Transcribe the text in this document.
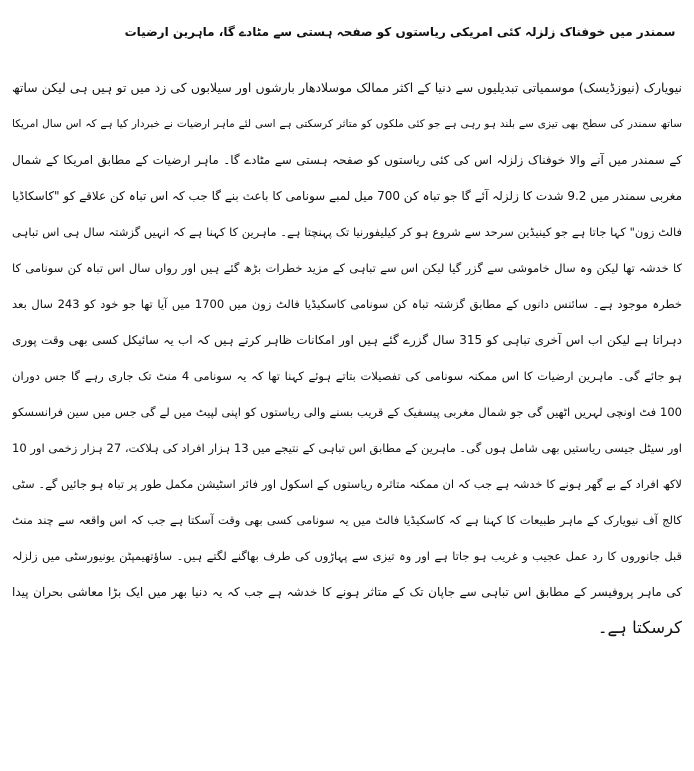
سمندر میں خوفناک زلزلہ کئی امریکی ریاستوں کو صفحہ ہستی سے مٹادے گا، ماہرین ارضیات
نیویارک (نیوزڈیسک) موسمیاتی تبدیلیوں سے دنیا کے اکثر ممالک موسلادھار بارشوں اور سیلابوں کی زد میں تو ہیں ہی لیکن ساتھ
ساتھ سمندر کی سطح بھی تیزی سے بلند ہو رہی ہے جو کئی ملکوں کو متاثر کرسکتی ہے اسی لئے ماہر ارضیات نے خبردار کیا ہے کہ اس سال امریکا
کے سمندر میں آنے والا خوفناک زلزلہ اس کی کئی ریاستوں کو صفحہ ہستی سے مٹادے گا۔ ماہر ارضیات کے مطابق امریکا کے شمال
مغربی سمندر میں 9.2 شدت کا زلزلہ آئے گا جو تباہ کن 700 میل لمبے سونامی کا باعث بنے گا جب کہ اس تباہ کن علاقے کو "کاسکاڈیا
فالٹ زون" کہا جاتا ہے جو کینیڈین سرحد سے شروع ہو کر کیلیفورنیا تک پہنچتا ہے۔ ماہرین کا کہنا ہے کہ انہیں گزشتہ سال ہی اس تباہی
کا خدشہ تھا لیکن وہ سال خاموشی سے گزر گیا لیکن اس سے تباہی کے مزید خطرات بڑھ گئے ہیں اور رواں سال اس تباہ کن سونامی کا
خطرہ موجود ہے۔ سائنس دانوں کے مطابق گزشتہ تباہ کن سونامی کاسکیڈیا فالٹ زون میں 1700 میں آیا تھا جو خود کو 243 سال بعد
دہراتا ہے لیکن اب اس آخری تباہی کو 315 سال گزرے گئے ہیں اور امکانات ظاہر کرتے ہیں کہ اب یہ سائیکل کسی بھی وقت پوری
ہو جائے گی۔ ماہرین ارضیات کا اس ممکنہ سونامی کی تفصیلات بتاتے ہوئے کہنا تھا کہ یہ سونامی 4 منٹ تک جاری رہے گا جس دوران
100 فٹ اونچی لہریں اٹھیں گی جو شمال مغربی پیسفیک کے قریب بسنے والی ریاستوں کو اپنی لپیٹ میں لے گی جس میں سین فرانسسکو
اور سیٹل جیسی ریاستیں بھی شامل ہوں گی۔ ماہرین کے مطابق اس تباہی کے نتیجے میں 13 ہزار افراد کی ہلاکت، 27 ہزار زخمی اور 10
لاکھ افراد کے بے گھر ہونے کا خدشہ ہے جب کہ ان ممکنہ متاثرہ ریاستوں کے اسکول اور فائر اسٹیشن مکمل طور پر تباہ ہو جائیں گے۔ سٹی
کالج آف نیویارک کے ماہر طبیعات کا کہنا ہے کہ کاسکیڈیا فالٹ میں یہ سونامی کسی بھی وقت آسکتا ہے جب کہ اس واقعہ سے چند منٹ
قبل جانوروں کا رد عمل عجیب و غریب ہو جاتا ہے اور وہ تیزی سے پہاڑوں کی طرف بھاگنے لگتے ہیں۔ ساؤتھیمپٹن یونیورسٹی میں زلزلہ
کی ماہر پروفیسر کے مطابق اس تباہی سے جاپان تک کے متاثر ہونے کا خدشہ ہے جب کہ یہ دنیا بھر میں ایک بڑا معاشی بحران پیدا
کرسکتا ہے۔
